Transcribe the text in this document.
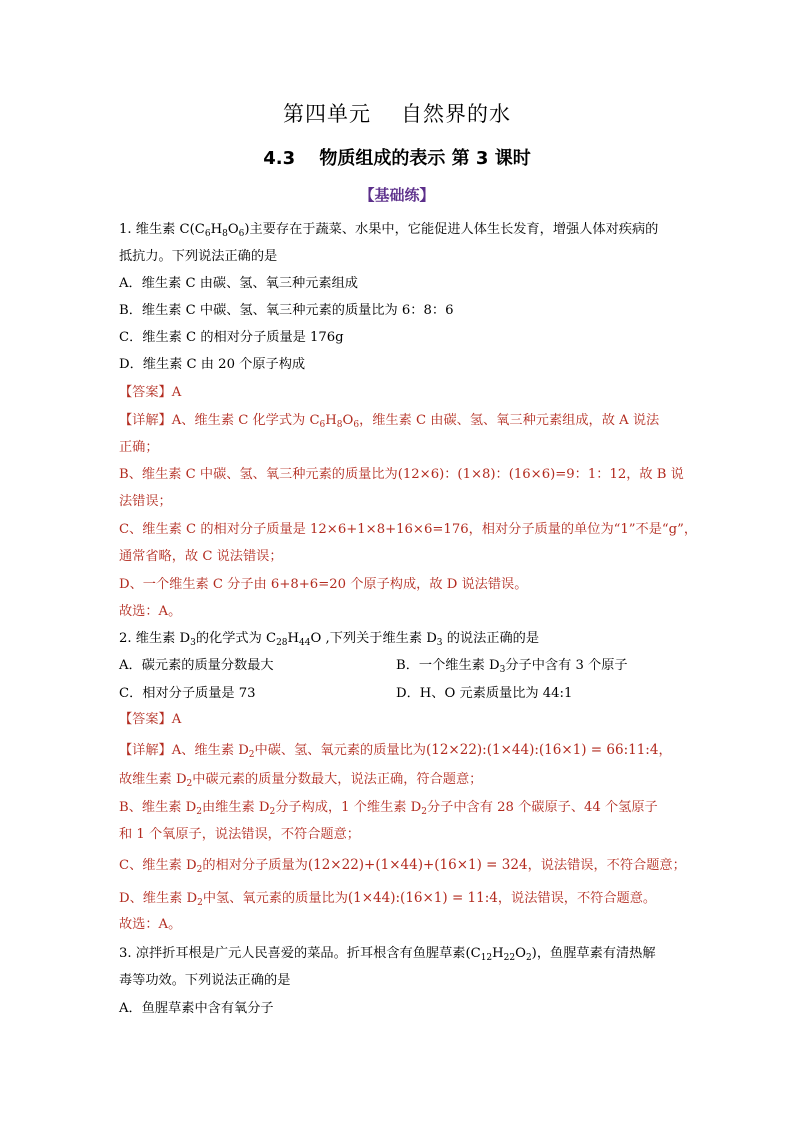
第四单元 自然界的水
4.3　 物质组成的表示 第 3 课时
【基础练】
1. 维生素 $C(C_6H_8O_6)$主要存在于蔬菜、水果中，它能促进人体生长发育，增强人体对疾病的
抵抗力。下列说法正确的是
A．维生素 C 由碳、氢、氧三种元素组成
B．维生素 C 中碳、氢、氧三种元素的质量比为 6：8：6
C．维生素 C 的相对分子质量是 176g
D．维生素 C 由 20 个原子构成
【答案】A
【详解】A、维生素 C 化学式为 $C_6H_8O_6$，维生素 C 由碳、氢、氧三种元素组成，故 A 说法
正确；
B、维生素 C 中碳、氢、氧三种元素的质量比为(12×6)：(1×8)：(16×6)=9：1：12，故 B 说
法错误；
C、维生素 C 的相对分子质量是 12×6+1×8+16×6=176，相对分子质量的单位为“1”不是“g”，
通常省略，故 C 说法错误；
D、一个维生素 C 分子由 6+8+6=20 个原子构成，故 D 说法错误。
故选：A。
2. 维生素 $D_3$的化学式为 $C_{28}H_{44}O$ ,下列关于维生素 $D_3$ 的说法正确的是
A．碳元素的质量分数最大	B．一个维生素 $D_3$分子中含有 3 个原子
C．相对分子质量是 73	D．H、O 元素质量比为 44:1
【答案】A
【详解】A、维生素 $D_2$中碳、氢、氧元素的质量比为(12×22):(1×44):(16×1) = 66:11:4，
故维生素 $D_2$中碳元素的质量分数最大，说法正确，符合题意；
B、维生素 $D_2$由维生素 $D_2$分子构成，1 个维生素 $D_2$分子中含有 28 个碳原子、44 个氢原子
和 1 个氧原子，说法错误，不符合题意；
C、维生素 $D_2$的相对分子质量为(12×22)+(1×44)+(16×1) = 324，说法错误，不符合题意；
D、维生素 $D_2$中氢、氧元素的质量比为(1×44):(16×1) = 11:4，说法错误，不符合题意。
故选：A。
3. 凉拌折耳根是广元人民喜爱的菜品。折耳根含有鱼腥草素$(C_{12}H_{22}O_2)$，鱼腥草素有清热解
毒等功效。下列说法正确的是
A．鱼腥草素中含有氧分子
